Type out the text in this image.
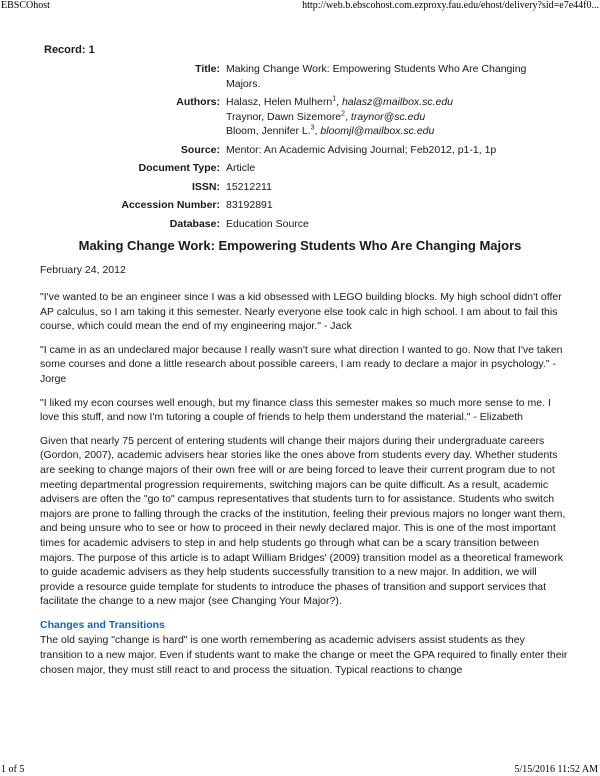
EBSCOhost	http://web.b.ebscohost.com.ezproxy.fau.edu/ehost/delivery?sid=e7e44f0...
Record: 1
Title: Making Change Work: Empowering Students Who Are Changing Majors.
Authors: Halasz, Helen Mulhern$^1$, halasz@mailbox.sc.edu
Traynor, Dawn Sizemore$^2$, traynor@sc.edu
Bloom, Jennifer L.$^3$, bloomjl@mailbox.sc.edu
Source: Mentor: An Academic Advising Journal; Feb2012, p1-1, 1p
Document Type: Article
ISSN: 15212211
Accession Number: 83192891
Database: Education Source
Making Change Work: Empowering Students Who Are Changing Majors
February 24, 2012

"I've wanted to be an engineer since I was a kid obsessed with LEGO building blocks. My high school didn't offer AP calculus, so I am taking it this semester. Nearly everyone else took calc in high school. I am about to fail this course, which could mean the end of my engineering major." - Jack

"I came in as an undeclared major because I really wasn't sure what direction I wanted to go. Now that I've taken some courses and done a little research about possible careers, I am ready to declare a major in psychology." - Jorge

"I liked my econ courses well enough, but my finance class this semester makes so much more sense to me. I love this stuff, and now I'm tutoring a couple of friends to help them understand the material." - Elizabeth

Given that nearly 75 percent of entering students will change their majors during their undergraduate careers (Gordon, 2007), academic advisers hear stories like the ones above from students every day. Whether students are seeking to change majors of their own free will or are being forced to leave their current program due to not meeting departmental progression requirements, switching majors can be quite difficult. As a result, academic advisers are often the "go to" campus representatives that students turn to for assistance. Students who switch majors are prone to falling through the cracks of the institution, feeling their previous majors no longer want them, and being unsure who to see or how to proceed in their newly declared major. This is one of the most important times for academic advisers to step in and help students go through what can be a scary transition between majors. The purpose of this article is to adapt William Bridges' (2009) transition model as a theoretical framework to guide academic advisers as they help students successfully transition to a new major. In addition, we will provide a resource guide template for students to introduce the phases of transition and support services that facilitate the change to a new major (see Changing Your Major?).

Changes and Transitions

The old saying "change is hard" is one worth remembering as academic advisers assist students as they transition to a new major. Even if students want to make the change or meet the GPA required to finally enter their chosen major, they must still react to and process the situation. Typical reactions to change

1 of 5	5/15/2016 11:52 AM
